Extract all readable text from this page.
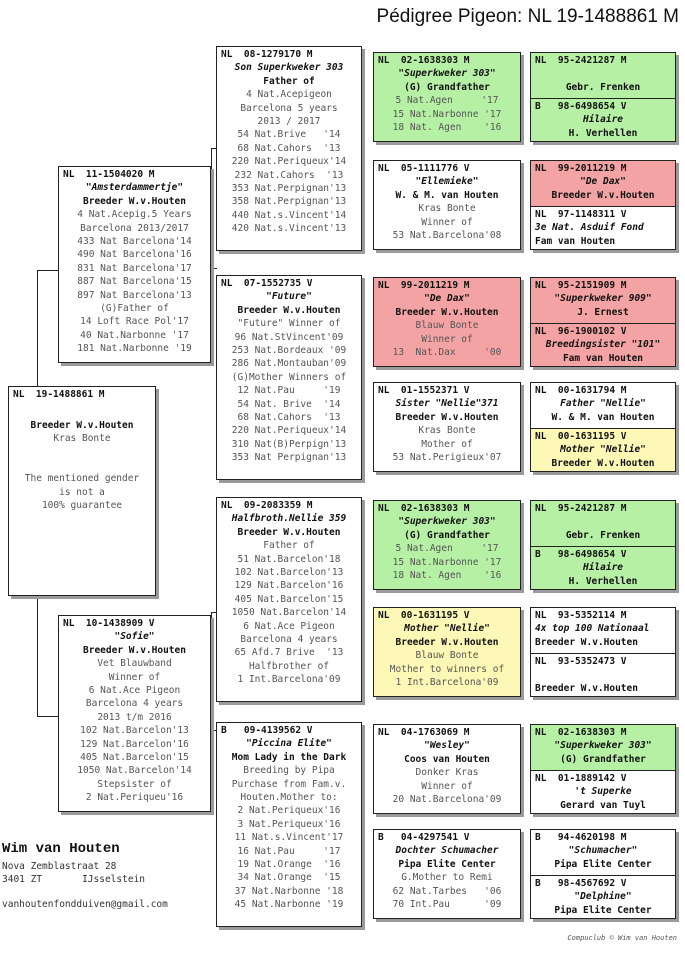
Pédigree Pigeon: NL 19-1488861 M
NL  19-1488861 M

Breeder W.v.Houten
Kras Bonte

The mentioned gender
is not a
100% guarantee
NL  11-1504020 M
"Amsterdammertje"
Breeder W.v.Houten
4 Nat.Acepig.5 Years
Barcelona 2013/2017
433 Nat Barcelona'14
490 Nat Barcelona'16
831 Nat Barcelona'17
887 Nat Barcelona'15
897 Nat Barcelona'13
(G)Father of
14 Loft Race Pol'17
40 Nat.Narbonne '17
181 Nat.Narbonne '19
NL  10-1438909 V
"Sofie"
Breeder W.v.Houten
Vet Blauwband
Winner of
6 Nat.Ace Pigeon
Barcelona 4 years
2013 t/m 2016
102 Nat.Barcelon'13
129 Nat.Barcelon'16
405 Nat.Barcelon'15
1050 Nat.Barcelon'14
Stepsister of
2 Nat.Periqueu'16
NL  08-1279170 M
Son Superkweker 303
Father of
4 Nat.Acepigeon
Barcelona 5 years
2013 / 2017
54 Nat.Brive   '14
68 Nat.Cahors  '13
220 Nat.Periqueux'14
232 Nat.Cahors  '13
353 Nat.Perpignan'13
358 Nat.Perpignan'13
440 Nat.s.Vincent'14
420 Nat.s.Vincent'13
NL  07-1552735 V
"Future"
Breeder W.v.Houten
"Future" Winner of
96 Nat.StVincent'09
253 Nat.Bordeaux '09
286 Nat.Montauban'09
(G)Mother Winners of
12 Nat.Pau     '19
54 Nat. Brive  '14
68 Nat.Cahors  '13
220 Nat.Periqueux'14
310 Nat(B)Perpign'13
353 Nat Perpignan'13
NL  09-2083359 M
Halfbroth.Nellie 359
Breeder W.v.Houten
Father of
51 Nat.Barcelon'18
102 Nat.Barcelon'13
129 Nat.Barcelon'16
405 Nat.Barcelon'15
1050 Nat.Barcelon'14
6 Nat.Ace Pigeon
Barcelona 4 years
65 Afd.7 Brive  '13
Halfbrother of
1 Int.Barcelona'09
B   09-4139562 V
"Piccina Elite"
Mom Lady in the Dark
Breeding by Pipa
Purchase from Fam.v.
Houten.Mother to:
2 Nat.Periqueux'16
3 Nat.Periqueux'16
11 Nat.s.Vincent'17
16 Nat.Pau     '17
19 Nat.Orange  '16
34 Nat.Orange  '15
37 Nat.Narbonne '18
45 Nat.Narbonne '19
NL  02-1638303 M
"Superkweker 303"
(G) Grandfather
5 Nat.Agen     '17
15 Nat.Narbonne '17
18 Nat. Agen    '16
NL  05-1111776 V
"Ellemieke"
W. & M. van Houten
Kras Bonte
Winner of
53 Nat.Barcelona'08
NL  99-2011219 M
"De Dax"
Breeder W.v.Houten
Blauw Bonte
Winner of
13  Nat.Dax     '00
NL  01-1552371 V
Sister "Nellie"371
Breeder W.v.Houten
Kras Bonte
Mother of
53 Nat.Perigieux'07
NL  02-1638303 M
"Superkweker 303"
(G) Grandfather
5 Nat.Agen     '17
15 Nat.Narbonne '17
18 Nat. Agen    '16
NL  00-1631195 V
Mother "Nellie"
Breeder W.v.Houten
Blauw Bonte
Mother to winners of
1 Int.Barcelona'09
NL  04-1763069 M
"Wesley"
Coos van Houten
Donker Kras
Winner of
20 Nat.Barcelona'09
B   04-4297541 V
Dochter Schumacher
Pipa Elite Center
G.Mother to Remi
62 Nat.Tarbes   '06
70 Int.Pau      '09
NL  95-2421287 M

Gebr. Frenken
B   98-6498654 V
Hilaire
H. Verhellen
NL  99-2011219 M
"De Dax"
Breeder W.v.Houten
NL  97-1148311 V
3e Nat. Asduif Fond
Fam van Houten
NL  95-2151909 M
"Superkweker 909"
J. Ernest
NL  96-1900102 V
Breedingsister "101"
Fam van Houten
NL  00-1631794 M
Father "Nellie"
W. & M. van Houten
NL  00-1631195 V
Mother "Nellie"
Breeder W.v.Houten
NL  95-2421287 M

Gebr. Frenken
B   98-6498654 V
Hilaire
H. Verhellen
NL  93-5352114 M
4x top 100 Nationaal
Breeder W.v.Houten
NL  93-5352473 V

Breeder W.v.Houten
NL  02-1638303 M
"Superkweker 303"
(G) Grandfather
NL  01-1889142 V
't Superke
Gerard van Tuyl
B   94-4620198 M
"Schumacher"
Pipa Elite Center
B   98-4567692 V
"Delphine"
Pipa Elite Center
Wim van Houten
Nova Zemblastraat 28
3401 ZT       IJsselstein
vanhoutenfondduiven@gmail.com
Compuclub © Wim van Houten
